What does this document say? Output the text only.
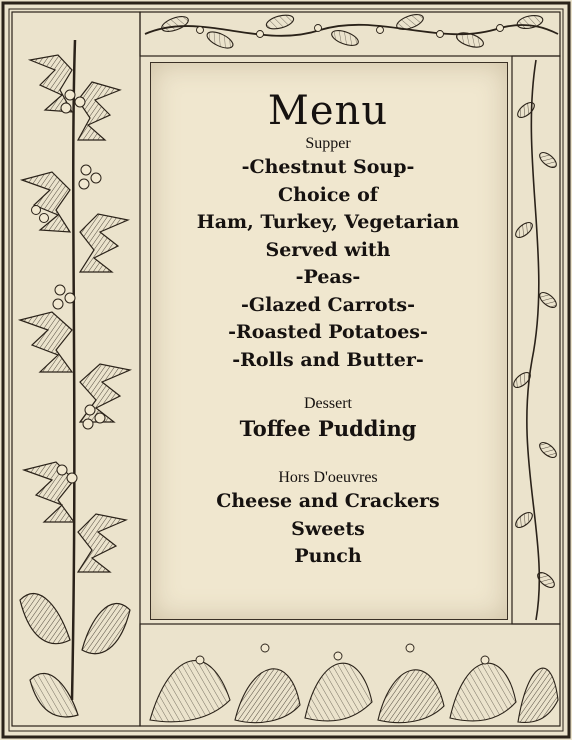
Menu

Supper

-Chestnut Soup-
Choice of
Ham, Turkey, Vegetarian
Served with
-Peas-
-Glazed Carrots-
-Roasted Potatoes-
-Rolls and Butter-

Dessert

Toffee Pudding

Hors D'oeuvres

Cheese and Crackers
Sweets
Punch
